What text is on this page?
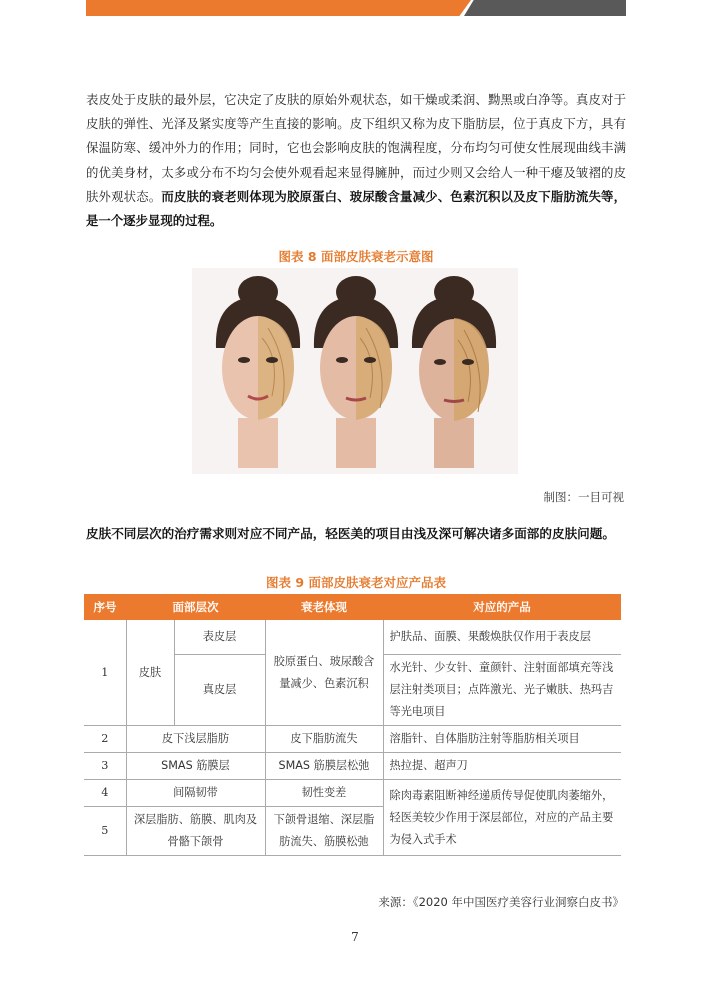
表皮处于皮肤的最外层，它决定了皮肤的原始外观状态，如干燥或柔润、黝黑或白净等。真皮对于皮肤的弹性、光泽及紧实度等产生直接的影响。皮下组织又称为皮下脂肪层，位于真皮下方，具有保温防寒、缓冲外力的作用；同时，它也会影响皮肤的饱满程度，分布均匀可使女性展现曲线丰满的优美身材，太多或分布不均匀会使外观看起来显得臃肿，而过少则又会给人一种干瘪及皱褶的皮肤外观状态。而皮肤的衰老则体现为胶原蛋白、玻尿酸含量减少、色素沉积以及皮下脂肪流失等，是一个逐步显现的过程。

图表 8 面部皮肤衰老示意图
制图：一目可视
皮肤不同层次的治疗需求则对应不同产品，轻医美的项目由浅及深可解决诸多面部的皮肤问题。
图表 9 面部皮肤衰老对应产品表
序号	面部层次		衰老体现	对应的产品
1	皮肤	表皮层	胶原蛋白、玻尿酸含量减少、色素沉积	护肤品、面膜、果酸焕肤仅作用于表皮层
		真皮层		水光针、少女针、童颜针、注射面部填充等浅层注射类项目；点阵激光、光子嫩肤、热玛吉等光电项目
2	皮下浅层脂肪		皮下脂肪流失	溶脂针、自体脂肪注射等脂肪相关项目
3	SMAS 筋膜层		SMAS 筋膜层松弛	热拉提、超声刀
4	间隔韧带		韧性变差	除肉毒素阻断神经递质传导促使肌肉萎缩外，轻医美较少作用于深层部位，对应的产品主要为侵入式手术
5	深层脂肪、筋膜、肌肉及骨骼下颌骨		下颌骨退缩、深层脂肪流失、筋膜松弛	
来源：《2020 年中国医疗美容行业洞察白皮书》
7
